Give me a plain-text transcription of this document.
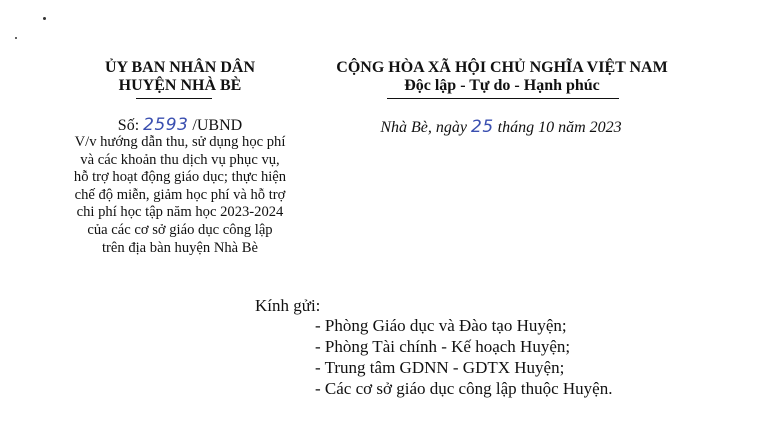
ỦY BAN NHÂN DÂN
HUYỆN NHÀ BÈ
CỘNG HÒA XÃ HỘI CHỦ NGHĨA VIỆT NAM
Độc lập - Tự do - Hạnh phúc
Số: 2593 /UBND
V/v hướng dẫn thu, sử dụng học phí
và các khoản thu dịch vụ phục vụ,
hỗ trợ hoạt động giáo dục; thực hiện
chế độ miễn, giảm học phí và hỗ trợ
chi phí học tập năm học 2023-2024
của các cơ sở giáo dục công lập
trên địa bàn huyện Nhà Bè
Nhà Bè, ngày 25 tháng 10 năm 2023
Kính gửi:
- Phòng Giáo dục và Đào tạo Huyện;
- Phòng Tài chính - Kế hoạch Huyện;
- Trung tâm GDNN - GDTX Huyện;
- Các cơ sở giáo dục công lập thuộc Huyện.
